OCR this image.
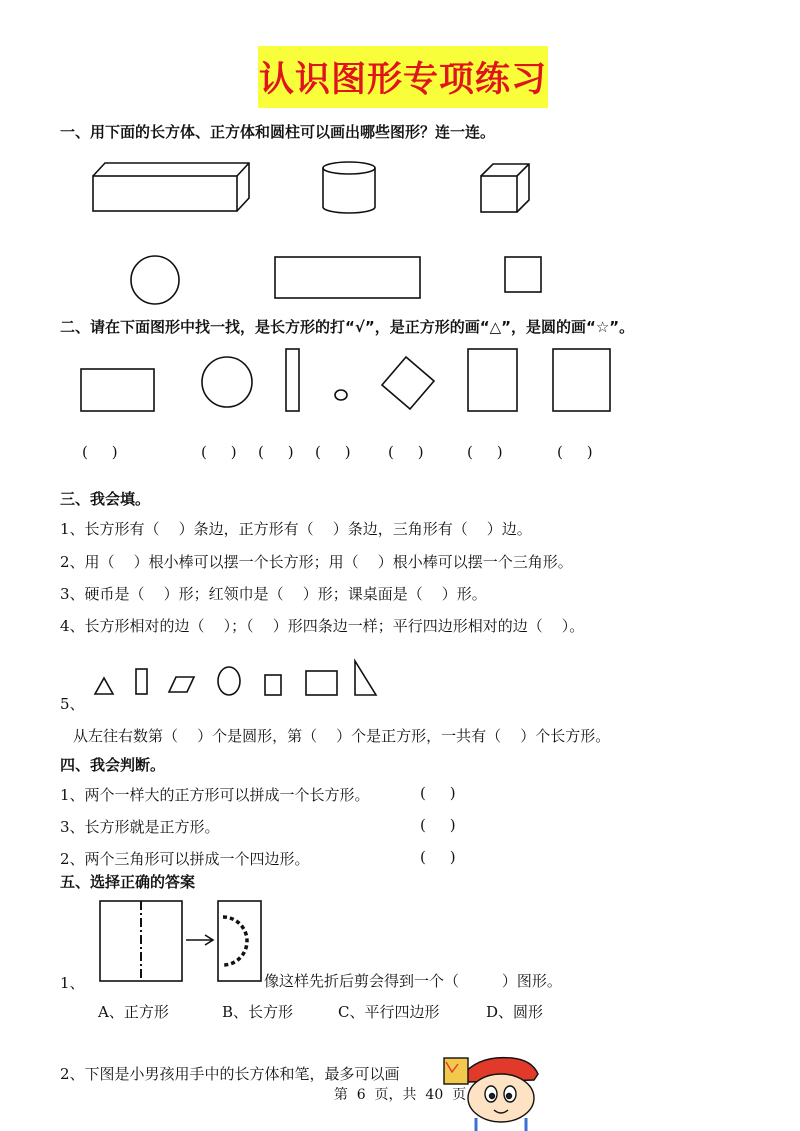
认识图形专项练习
一、用下面的长方体、正方体和圆柱可以画出哪些图形？连一连。
二、请在下面图形中找一找，是长方形的打“√”，是正方形的画“△”，是圆的画“☆”。
(     )	(     ) (     ) (     ) (     )	(     )	(     )
三、我会填。
1、长方形有（    ）条边，正方形有（    ）条边，三角形有（    ）边。
2、用（    ）根小棒可以摆一个长方形；用（    ）根小棒可以摆一个三角形。
3、硬币是（    ）形；红领巾是（    ）形；课桌面是（    ）形。
4、长方形相对的边（    ）；（    ）形四条边一样；平行四边形相对的边（    ）。
5、
从左往右数第（    ）个是圆形，第（    ）个是正方形，一共有（    ）个长方形。
四、我会判断。
1、两个一样大的正方形可以拼成一个长方形。	(     )
3、长方形就是正方形。	(     )
2、两个三角形可以拼成一个四边形。	(     )
五、选择正确的答案
1、	像这样先折后剪会得到一个（         ）图形。
A、正方形	B、长方形	C、平行四边形	D、圆形
2、下图是小男孩用手中的长方体和笔，最多可以画
第  6  页，共  40  页
